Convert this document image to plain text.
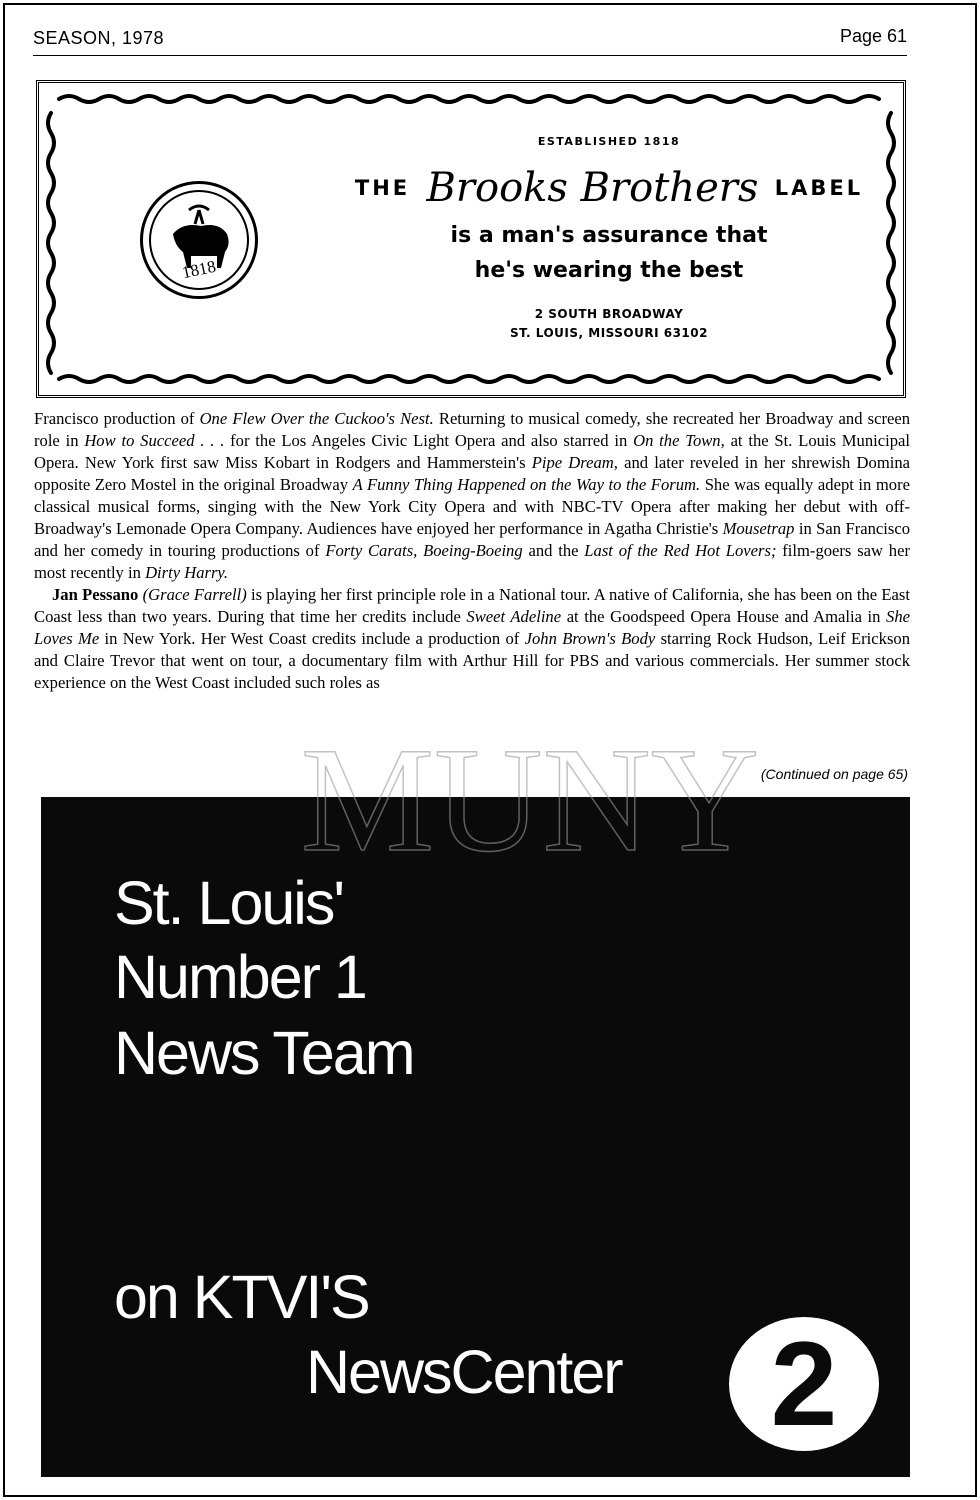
SEASON, 1978	Page 61
1818
ESTABLISHED 1818
THE Brooks Brothers LABEL
is a man's assurance that
he's wearing the best
2 SOUTH BROADWAY
ST. LOUIS, MISSOURI 63102

Francisco production of One Flew Over the Cuckoo's Nest. Returning to musical comedy, she recreated her Broadway and screen role in How to Succeed . . . for the Los Angeles Civic Light Opera and also starred in On the Town, at the St. Louis Municipal Opera. New York first saw Miss Kobart in Rodgers and Hammerstein's Pipe Dream, and later reveled in her shrewish Domina opposite Zero Mostel in the original Broadway A Funny Thing Happened on the Way to the Forum. She was equally adept in more classical musical forms, singing with the New York City Opera and with NBC-TV Opera after making her debut with off-Broadway's Lemonade Opera Company. Audiences have enjoyed her performance in Agatha Christie's Mousetrap in San Francisco and her comedy in touring productions of Forty Carats, Boeing-Boeing and the Last of the Red Hot Lovers; film-goers saw her most recently in Dirty Harry.

Jan Pessano (Grace Farrell) is playing her first principle role in a National tour. A native of California, she has been on the East Coast less than two years. During that time her credits include Sweet Adeline at the Goodspeed Opera House and Amalia in She Loves Me in New York. Her West Coast credits include a production of John Brown's Body starring Rock Hudson, Leif Erickson and Claire Trevor that went on tour, a documentary film with Arthur Hill for PBS and various commercials. Her summer stock experience on the West Coast included such roles as

(Continued on page 65)
St. Louis'
Number 1
News Team
on KTVI'S
NewsCenter	2
MUNY
